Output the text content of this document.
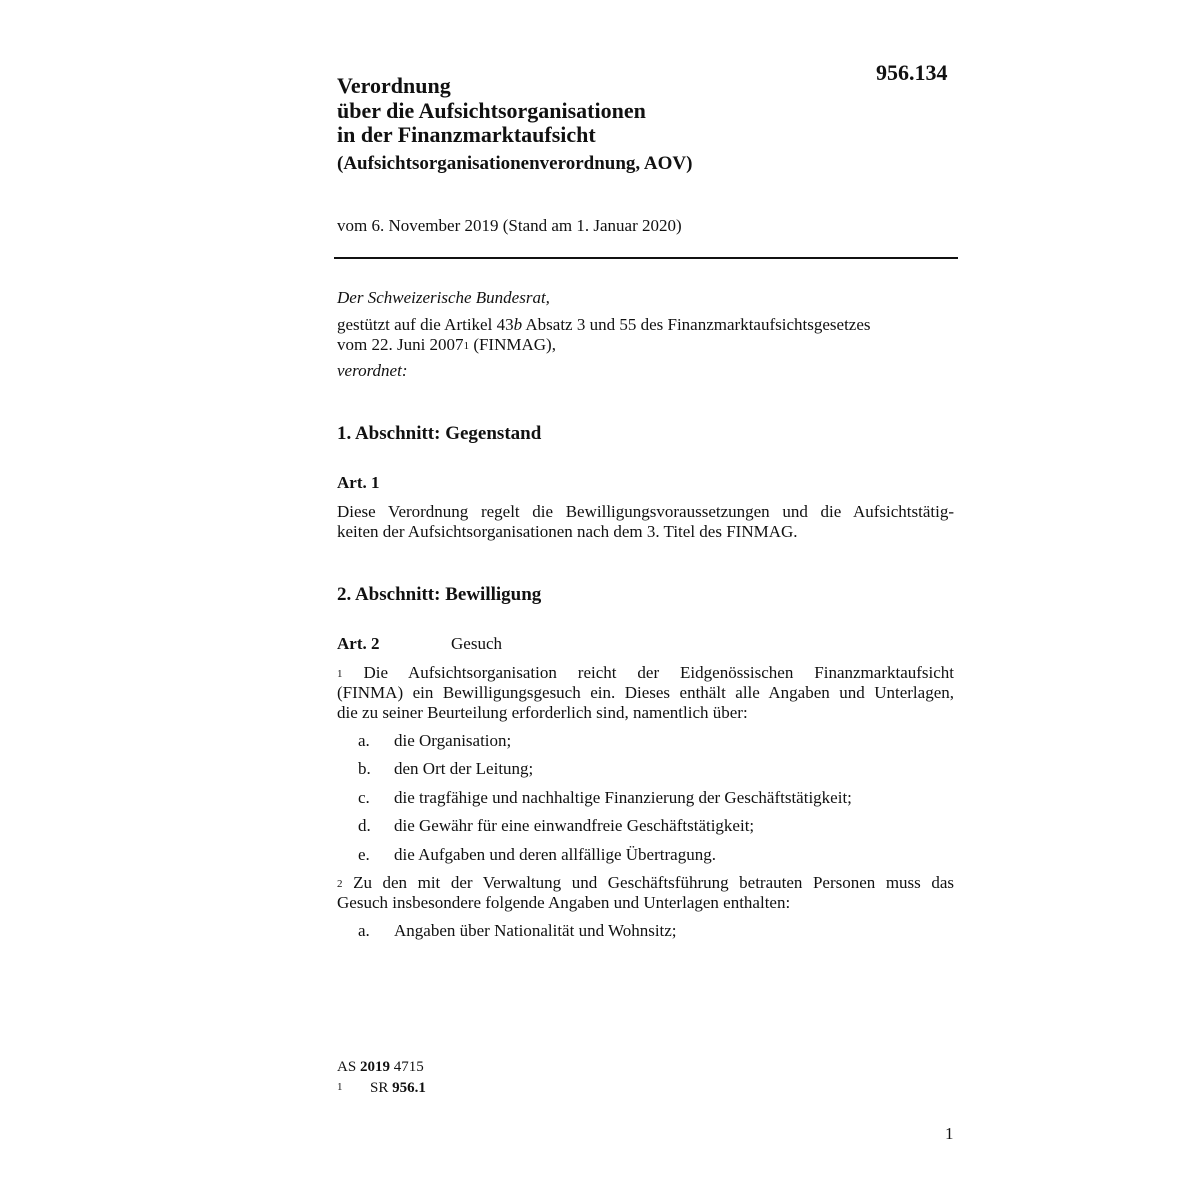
956.134
Verordnung
über die Aufsichtsorganisationen
in der Finanzmarktaufsicht
(Aufsichtsorganisationenverordnung, AOV)
vom 6. November 2019 (Stand am 1. Januar 2020)
Der Schweizerische Bundesrat,
gestützt auf die Artikel 43b Absatz 3 und 55 des Finanzmarktaufsichtsgesetzes
vom 22. Juni 2007$^1$ (FINMAG),
verordnet:
1. Abschnitt: Gegenstand
Art. 1
Diese Verordnung regelt die Bewilligungsvoraussetzungen und die Aufsichtstätig-
keiten der Aufsichtsorganisationen nach dem 3. Titel des FINMAG.
2. Abschnitt: Bewilligung
Art. 2	Gesuch
$^1$ Die Aufsichtsorganisation reicht der Eidgenössischen Finanzmarktaufsicht
(FINMA) ein Bewilligungsgesuch ein. Dieses enthält alle Angaben und Unterlagen,
die zu seiner Beurteilung erforderlich sind, namentlich über:
a. die Organisation;
b. den Ort der Leitung;
c. die tragfähige und nachhaltige Finanzierung der Geschäftstätigkeit;
d. die Gewähr für eine einwandfreie Geschäftstätigkeit;
e. die Aufgaben und deren allfällige Übertragung.
$^2$ Zu den mit der Verwaltung und Geschäftsführung betrauten Personen muss das
Gesuch insbesondere folgende Angaben und Unterlagen enthalten:
a. Angaben über Nationalität und Wohnsitz;
AS 2019 4715
$^1$ SR 956.1
1
